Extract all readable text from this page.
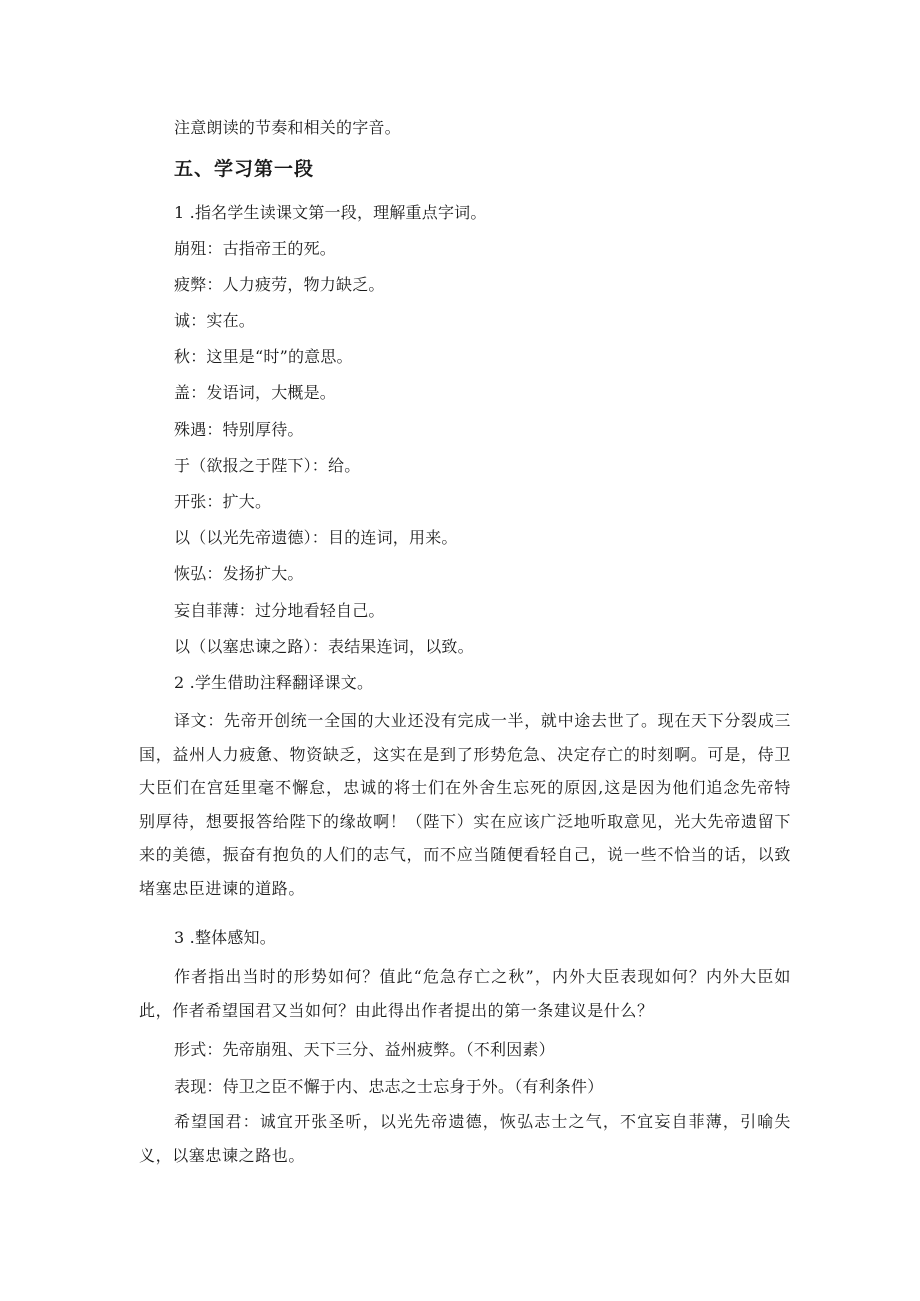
注意朗读的节奏和相关的字音。
五、学习第一段
1 .指名学生读课文第一段，理解重点字词。
崩殂：古指帝王的死。
疲弊：人力疲劳，物力缺乏。
诚：实在。
秋：这里是“时”的意思。
盖：发语词，大概是。
殊遇：特别厚待。
于（欲报之于陛下）：给。
开张：扩大。
以（以光先帝遗德）：目的连词，用来。
恢弘：发扬扩大。
妄自菲薄：过分地看轻自己。
以（以塞忠谏之路）：表结果连词，以致。
2 .学生借助注释翻译课文。
译文：先帝开创统一全国的大业还没有完成一半，就中途去世了。现在天下分裂成三国，益州人力疲惫、物资缺乏，这实在是到了形势危急、决定存亡的时刻啊。可是，侍卫大臣们在宫廷里毫不懈怠，忠诚的将士们在外舍生忘死的原因,这是因为他们追念先帝特别厚待，想要报答给陛下的缘故啊！（陛下）实在应该广泛地听取意见，光大先帝遗留下来的美德，振奋有抱负的人们的志气，而不应当随便看轻自己，说一些不恰当的话，以致堵塞忠臣进谏的道路。
3 .整体感知。
作者指出当时的形势如何？值此“危急存亡之秋”，内外大臣表现如何？内外大臣如此，作者希望国君又当如何？由此得出作者提出的第一条建议是什么？
形式：先帝崩殂、天下三分、益州疲弊。（不利因素）
表现：侍卫之臣不懈于内、忠志之士忘身于外。（有利条件）
希望国君：诚宜开张圣听，以光先帝遗德，恢弘志士之气，不宜妄自菲薄，引喻失义，以塞忠谏之路也。
